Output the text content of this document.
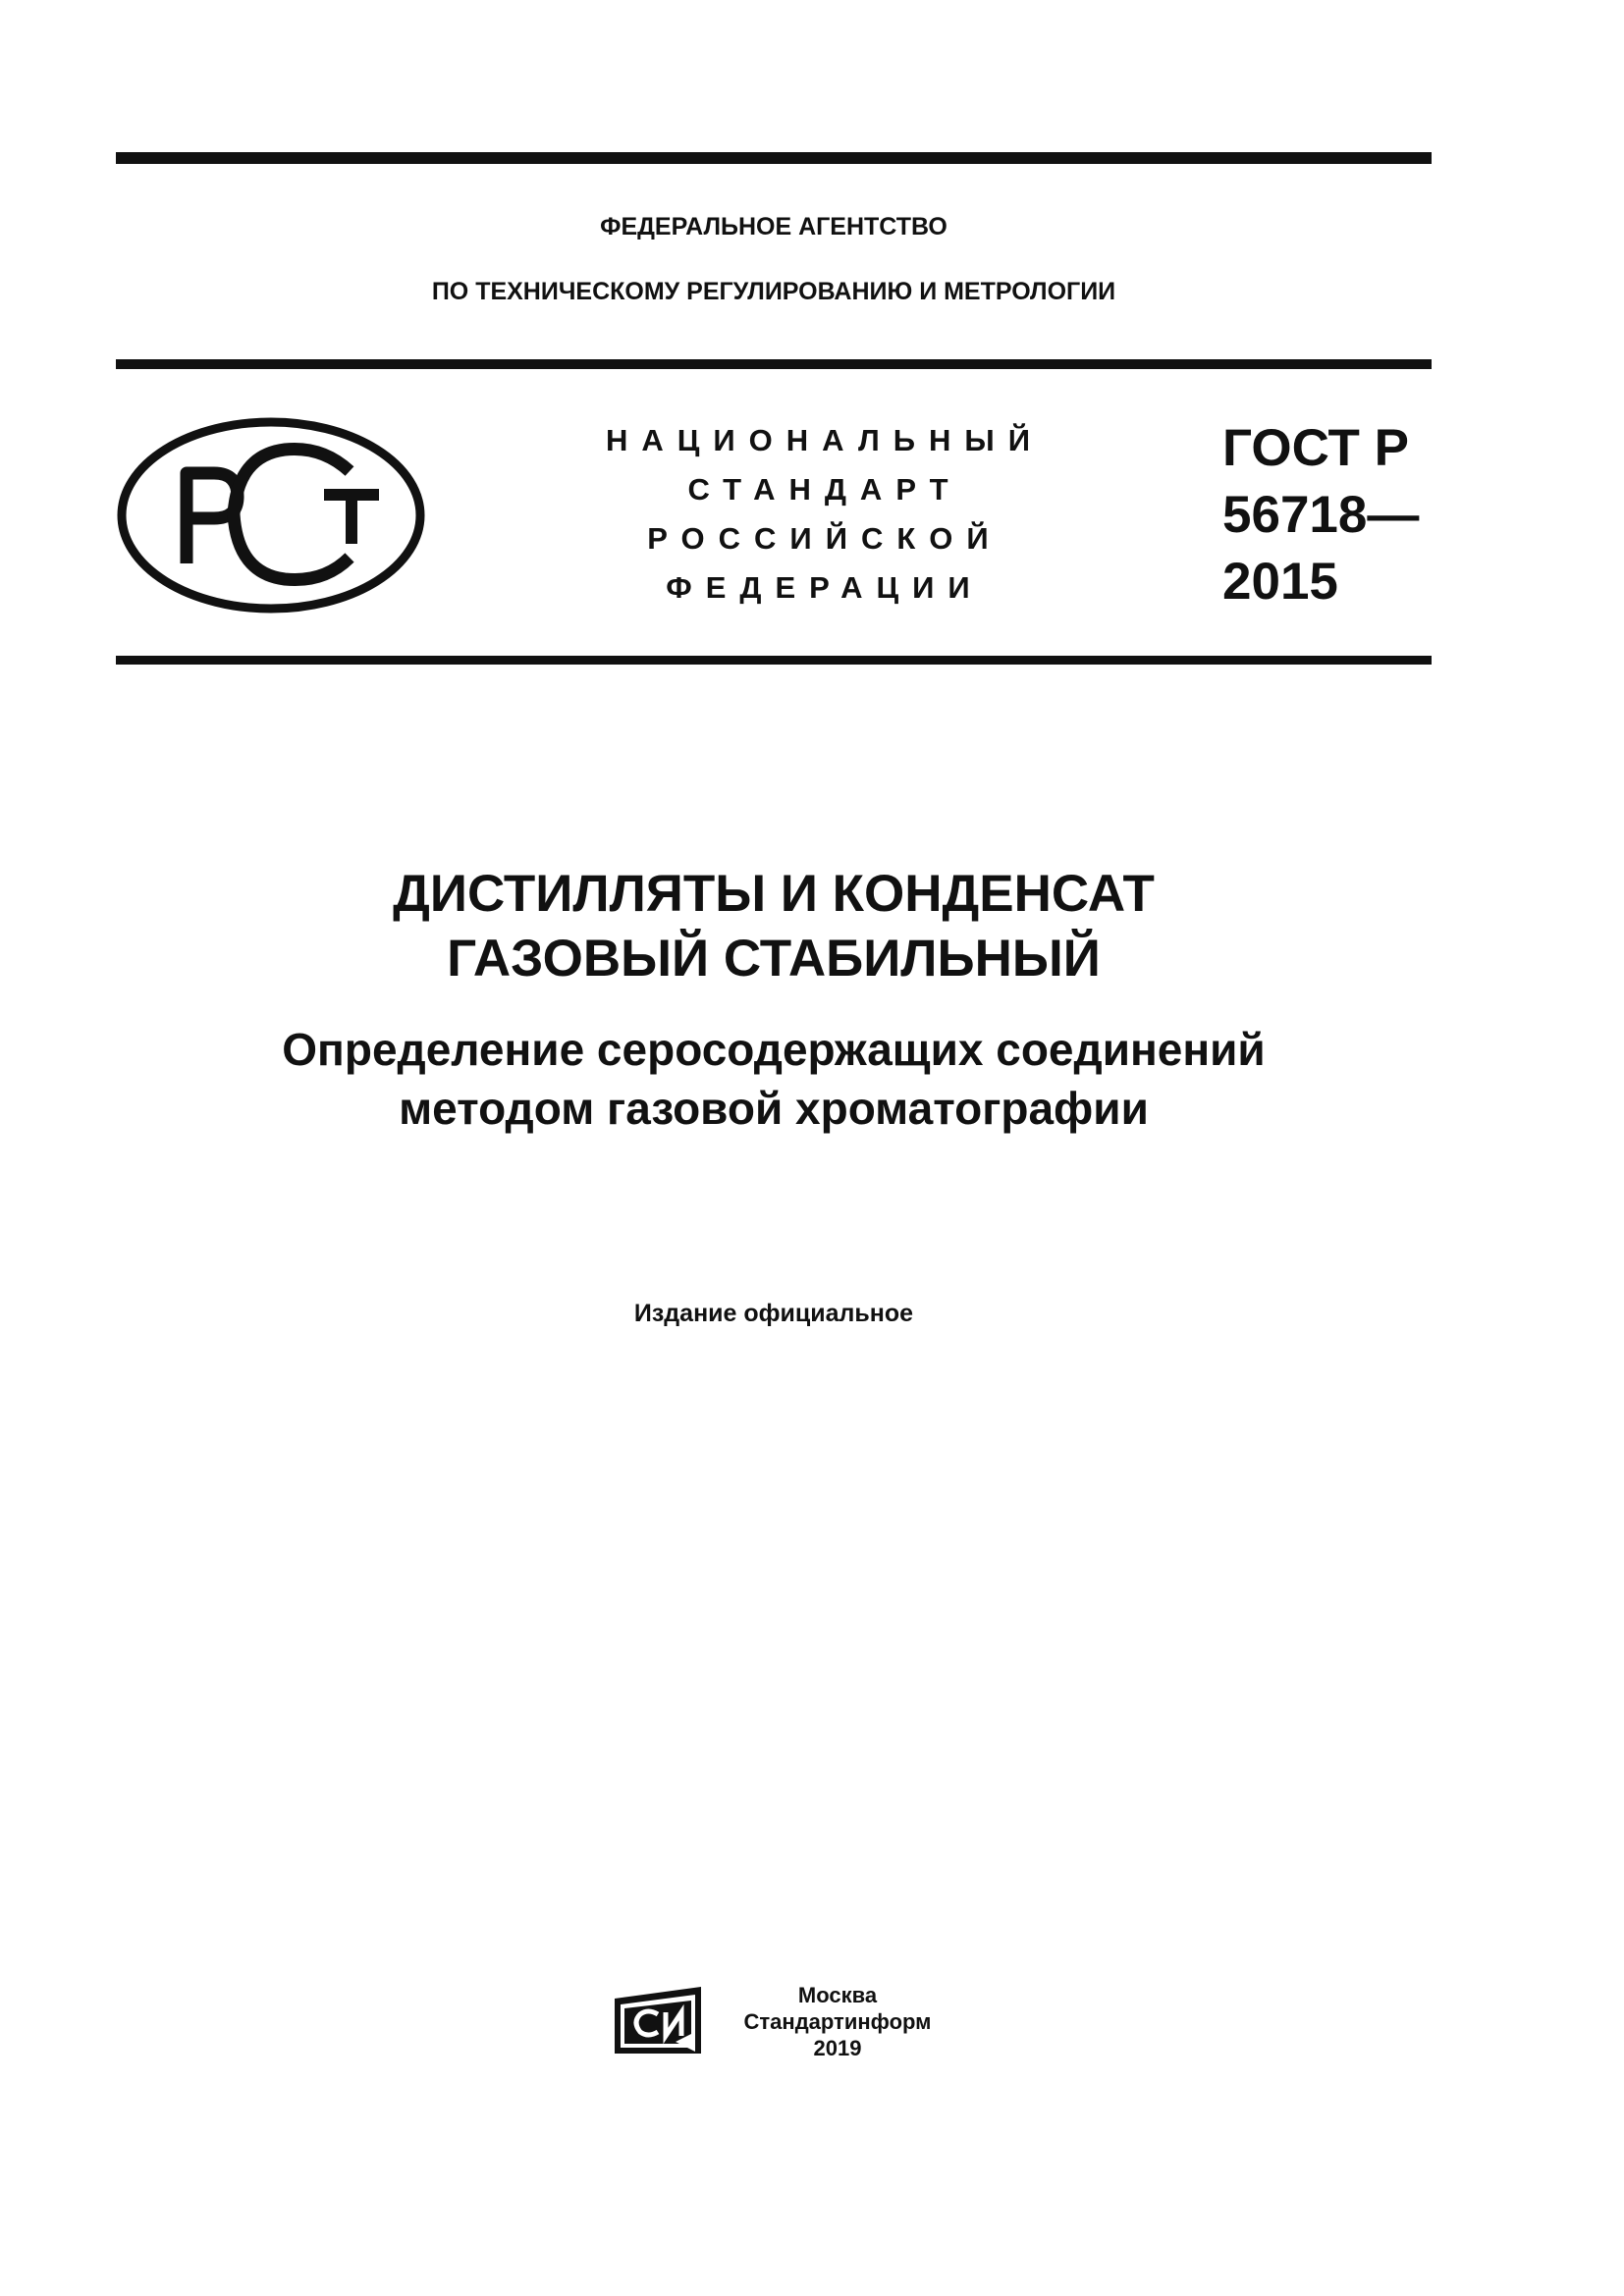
ФЕДЕРАЛЬНОЕ АГЕНТСТВО
ПО ТЕХНИЧЕСКОМУ РЕГУЛИРОВАНИЮ И МЕТРОЛОГИИ
РСТ
НАЦИОНАЛЬНЫЙ
СТАНДАРТ
РОССИЙСКОЙ
ФЕДЕРАЦИИ
ГОСТ Р
56718—
2015
ДИСТИЛЛЯТЫ И КОНДЕНСАТ
ГАЗОВЫЙ СТАБИЛЬНЫЙ
Определение серосодержащих соединений
методом газовой хроматографии
Издание официальное
СИ	Москва
Стандартинформ
2019
